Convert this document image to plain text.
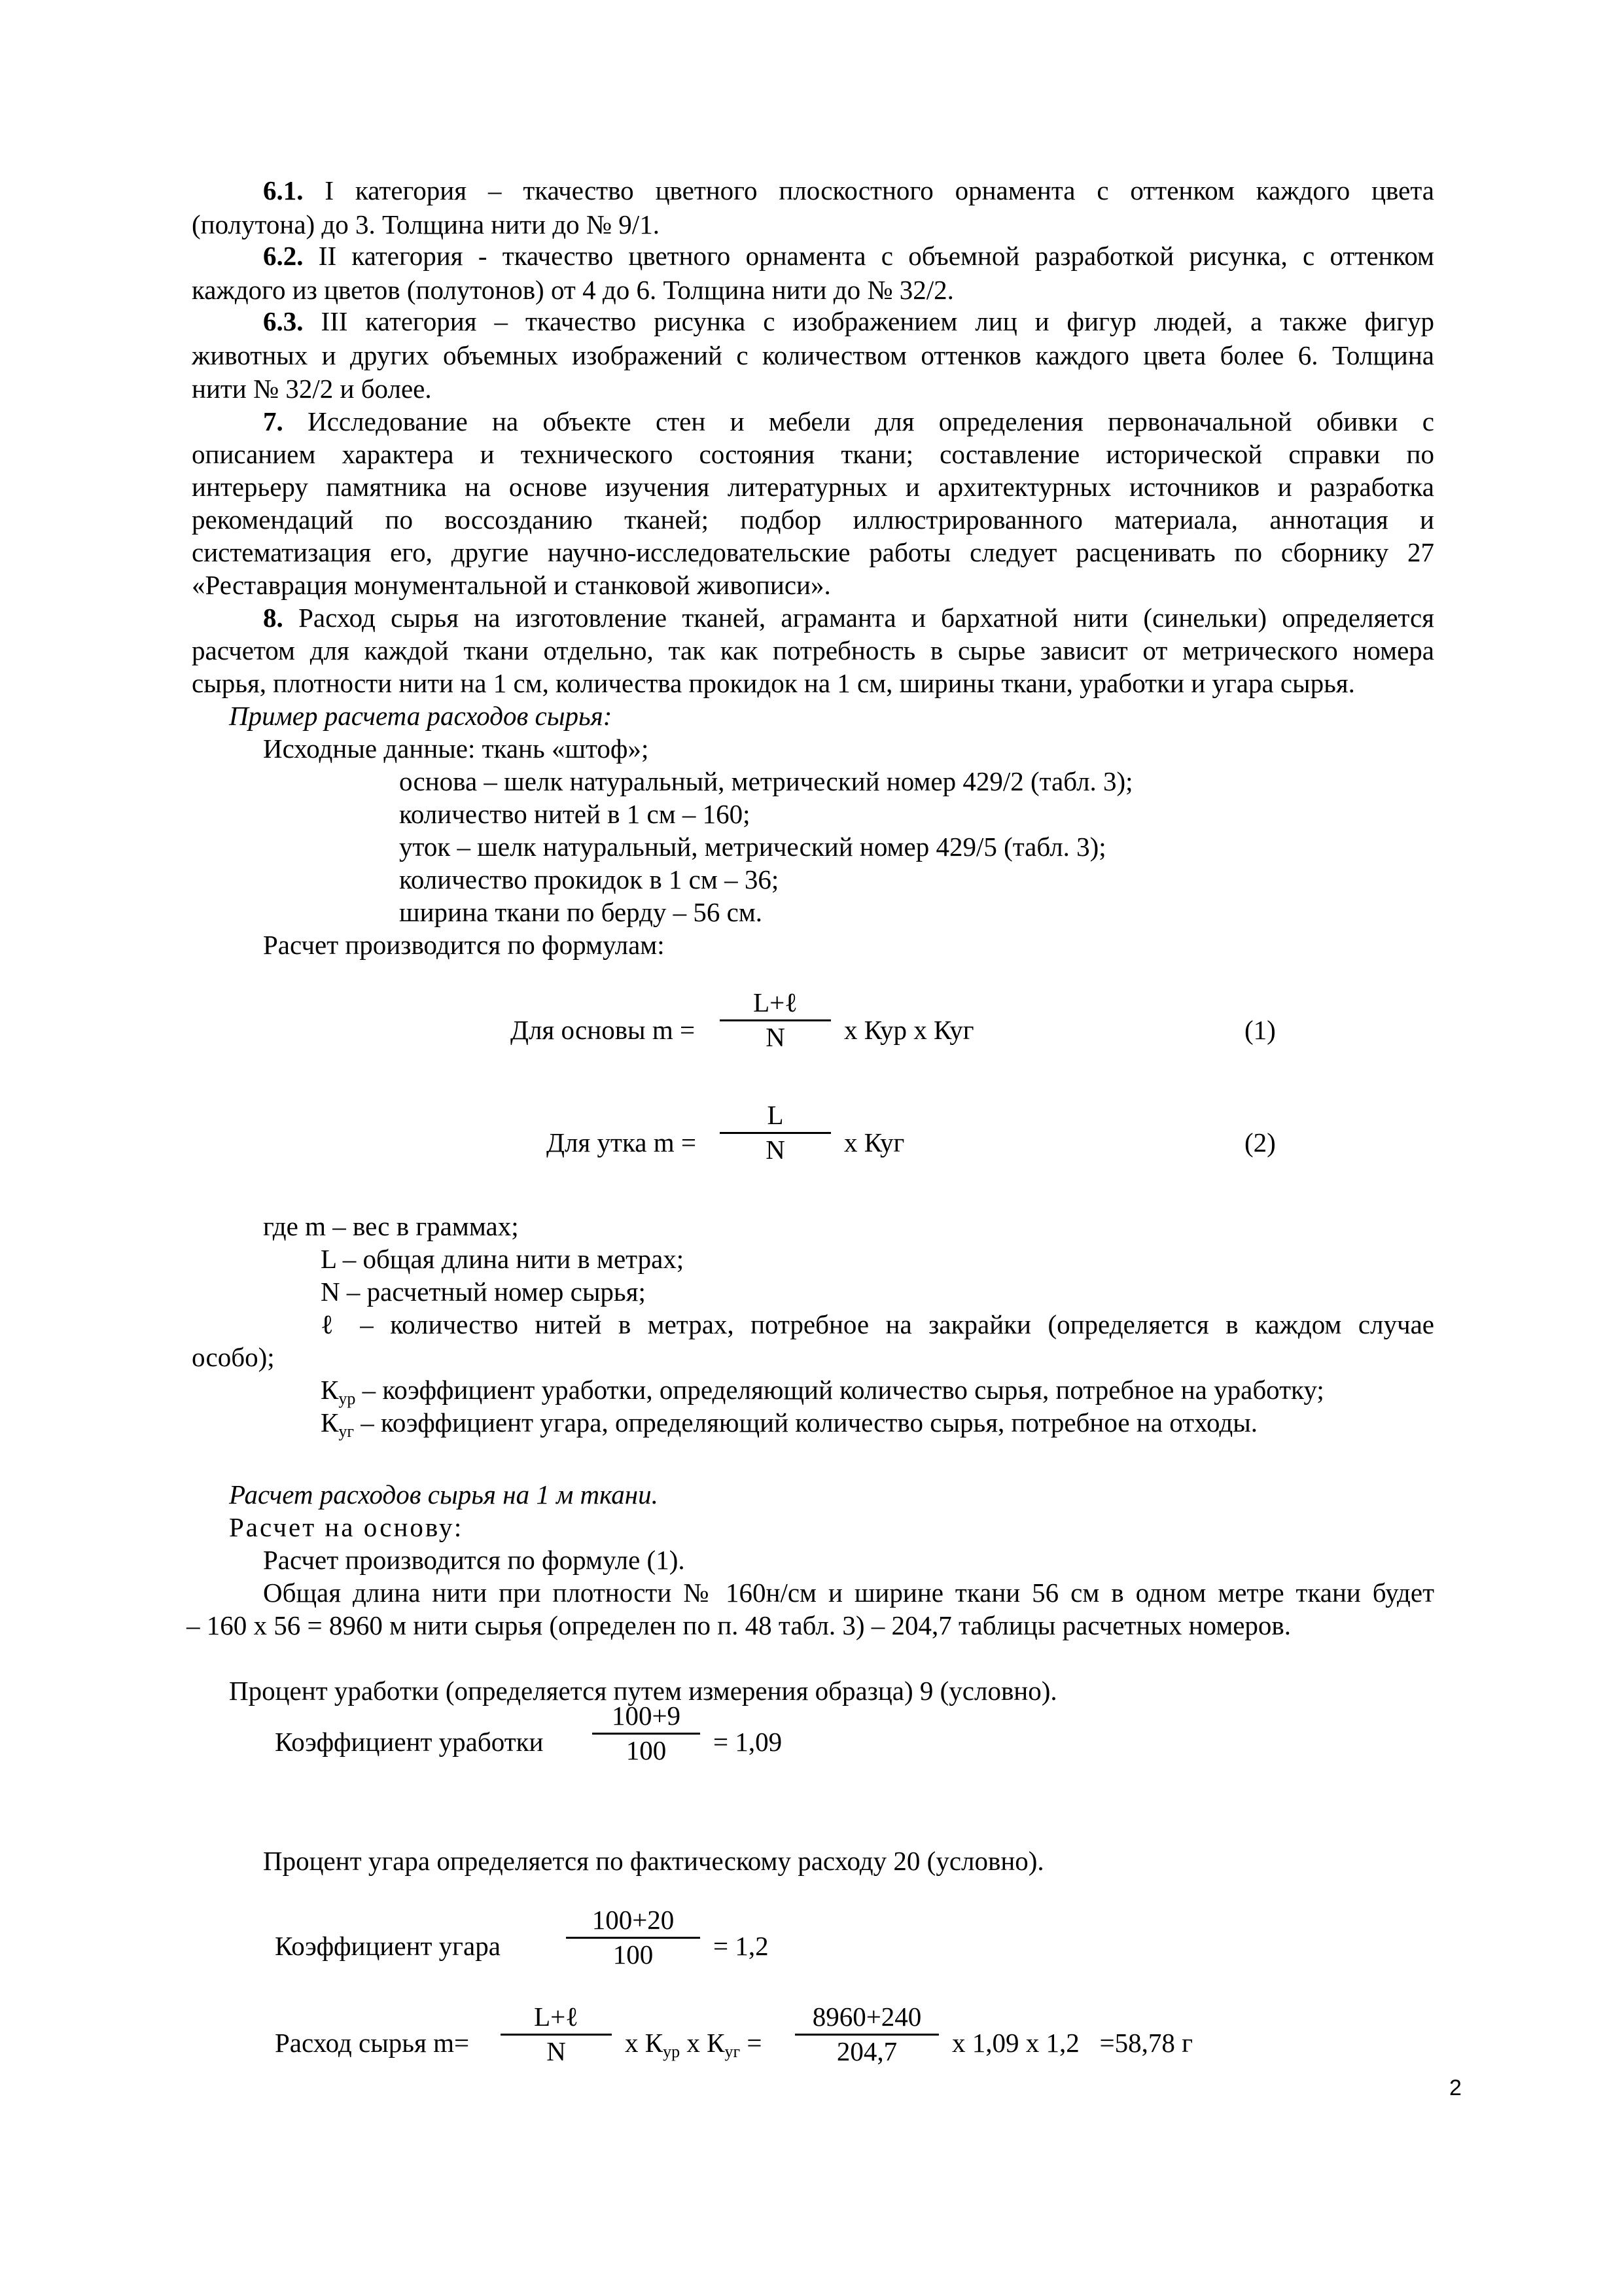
6.1. I категория – ткачество цветного плоскостного орнамента с оттенком каждого цвета
(полутона) до 3. Толщина нити до № 9/1.
6.2. II категория - ткачество цветного орнамента с объемной разработкой рисунка, с оттенком
каждого из цветов (полутонов) от 4 до 6. Толщина нити до № 32/2.
6.3. III категория – ткачество рисунка с изображением лиц и фигур людей, а также фигур
животных и других объемных изображений с количеством оттенков каждого цвета более 6. Толщина
нити № 32/2 и более.
7. Исследование на объекте стен и мебели для определения первоначальной обивки с
описанием характера и технического состояния ткани; составление исторической справки по
интерьеру памятника на основе изучения литературных и архитектурных источников и разработка
рекомендаций по воссозданию тканей; подбор иллюстрированного материала, аннотация и
систематизация его, другие научно-исследовательские работы следует расценивать по сборнику 27
«Реставрация монументальной и станковой живописи».
8. Расход сырья на изготовление тканей, аграманта и бархатной нити (синельки) определяется
расчетом для каждой ткани отдельно, так как потребность в сырье зависит от метрического номера
сырья, плотности нити на 1 см, количества прокидок на 1 см, ширины ткани, уработки и угара сырья.
Пример расчета расходов сырья:
Исходные данные: ткань «штоф»;
основа – шелк натуральный, метрический номер 429/2 (табл. 3);
количество нитей в 1 см – 160;
уток – шелк натуральный, метрический номер 429/5 (табл. 3);
количество прокидок в 1 см – 36;
ширина ткани по берду – 56 см.
Расчет производится по формулам:
Для основы m =
L+ℓ
N	x Кур x Куг	(1)
Для утка m =
L
N	x Куг	(2)
где m – вес в граммах;
L – общая длина нити в метрах;
N – расчетный номер сырья;
ℓ – количество нитей в метрах, потребное на закрайки (определяется в каждом случае
особо);
$К_{ур}$ – коэффициент уработки, определяющий количество сырья, потребное на уработку;
$К_{уг}$ – коэффициент угара, определяющий количество сырья, потребное на отходы.
Расчет расходов сырья на 1 м ткани.
Расчет на основу:
Расчет производится по формуле (1).
Общая длина нити при плотности № 160н/см и ширине ткани 56 см в одном метре ткани будет
– 160 х 56 = 8960 м нити сырья (определен по п. 48 табл. 3) – 204,7 таблицы расчетных номеров.
Процент уработки (определяется путем измерения образца) 9 (условно).
Коэффициент уработки
100+9
100	= 1,09
Процент угара определяется по фактическому расходу 20 (условно).
Коэффициент угара
100+20
100	= 1,2
Расход сырья m=
L+ℓ
N	x $К_{ур}$ x $К_{уг}$ =
8960+240
204,7	x 1,09 x 1,2   =58,78 г
2
